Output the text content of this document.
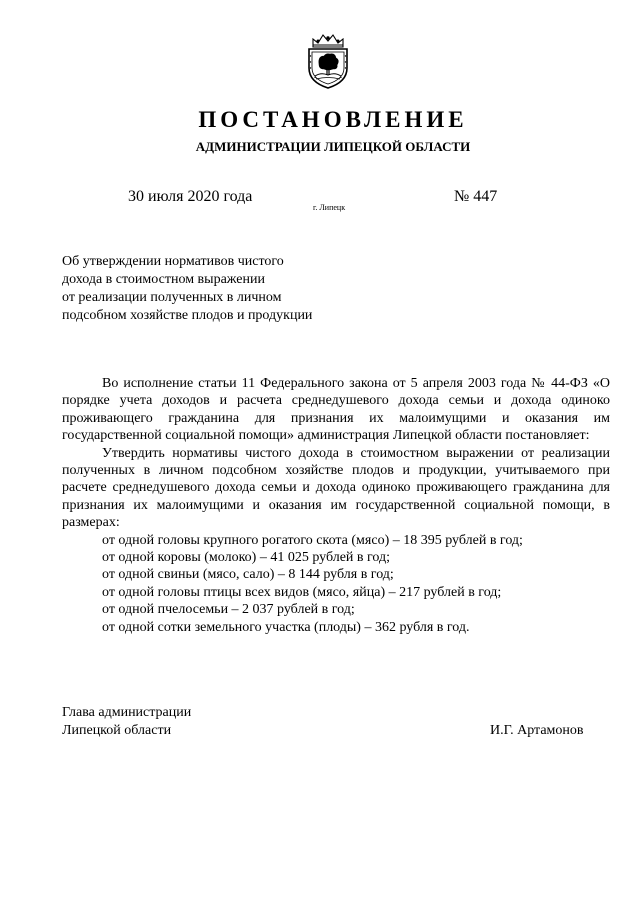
ПОСТАНОВЛЕНИЕ
АДМИНИСТРАЦИИ ЛИПЕЦКОЙ ОБЛАСТИ
30 июля 2020 года
г. Липецк
№ 447
Об утверждении нормативов чистого
дохода в стоимостном выражении
от реализации полученных в личном
подсобном хозяйстве плодов и продукции

Во исполнение статьи 11 Федерального закона от 5 апреля 2003 года № 44-ФЗ «О порядке учета доходов и расчета среднедушевого дохода семьи и дохода одиноко проживающего гражданина для признания их малоимущими и оказания им государственной социальной помощи» администрация Липецкой области постановляет:

Утвердить нормативы чистого дохода в стоимостном выражении от реализации полученных в личном подсобном хозяйстве плодов и продукции, учитываемого при расчете среднедушевого дохода семьи и дохода одиноко проживающего гражданина для признания их малоимущими и оказания им государственной социальной помощи, в размерах:

от одной головы крупного рогатого скота (мясо) – 18 395 рублей в год;
от одной коровы (молоко) – 41 025 рублей в год;
от одной свиньи (мясо, сало) – 8 144 рубля в год;
от одной головы птицы всех видов (мясо, яйца) – 217 рублей в год;
от одной пчелосемьи – 2 037 рублей в год;
от одной сотки земельного участка (плоды) – 362 рубля в год.
Глава администрации
Липецкой области	И.Г. Артамонов
